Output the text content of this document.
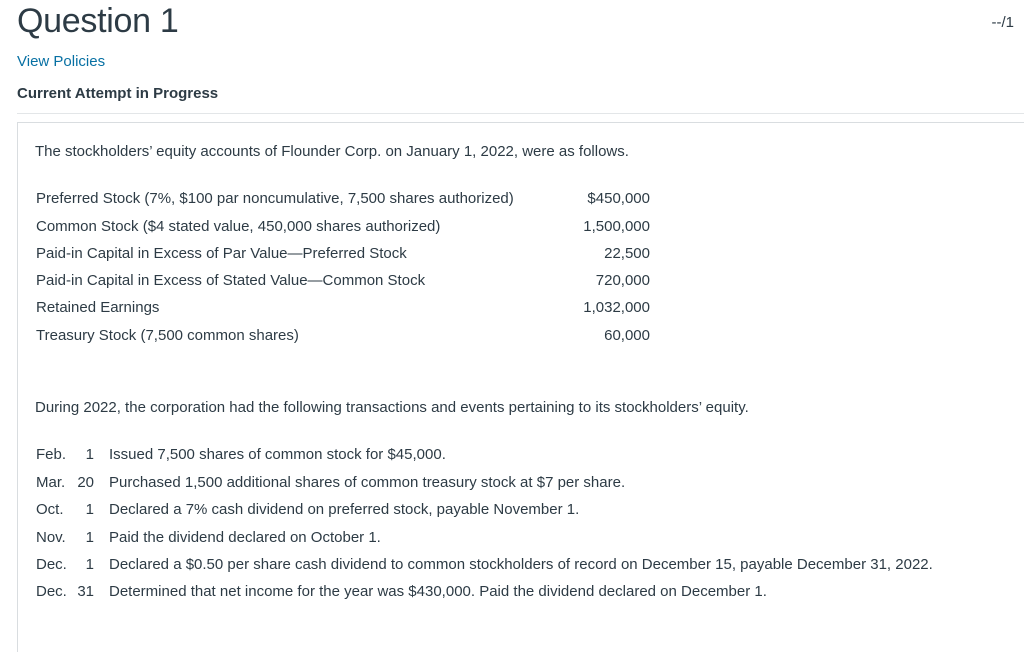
Question 1	--/1
View Policies
Current Attempt in Progress
The stockholders’ equity accounts of Flounder Corp. on January 1, 2022, were as follows.
Preferred Stock (7%, $100 par noncumulative, 7,500 shares authorized)	$450,000
Common Stock ($4 stated value, 450,000 shares authorized)	1,500,000
Paid-in Capital in Excess of Par Value—Preferred Stock	22,500
Paid-in Capital in Excess of Stated Value—Common Stock	720,000
Retained Earnings	1,032,000
Treasury Stock (7,500 common shares)	60,000
During 2022, the corporation had the following transactions and events pertaining to its stockholders’ equity.
Feb.	1 Issued 7,500 shares of common stock for $45,000.
Mar. 20 Purchased 1,500 additional shares of common treasury stock at $7 per share.
Oct.	1 Declared a 7% cash dividend on preferred stock, payable November 1.
Nov.	1 Paid the dividend declared on October 1.
Dec.	1 Declared a $0.50 per share cash dividend to common stockholders of record on December 15, payable December 31, 2022.
Dec. 31 Determined that net income for the year was $430,000. Paid the dividend declared on December 1.
